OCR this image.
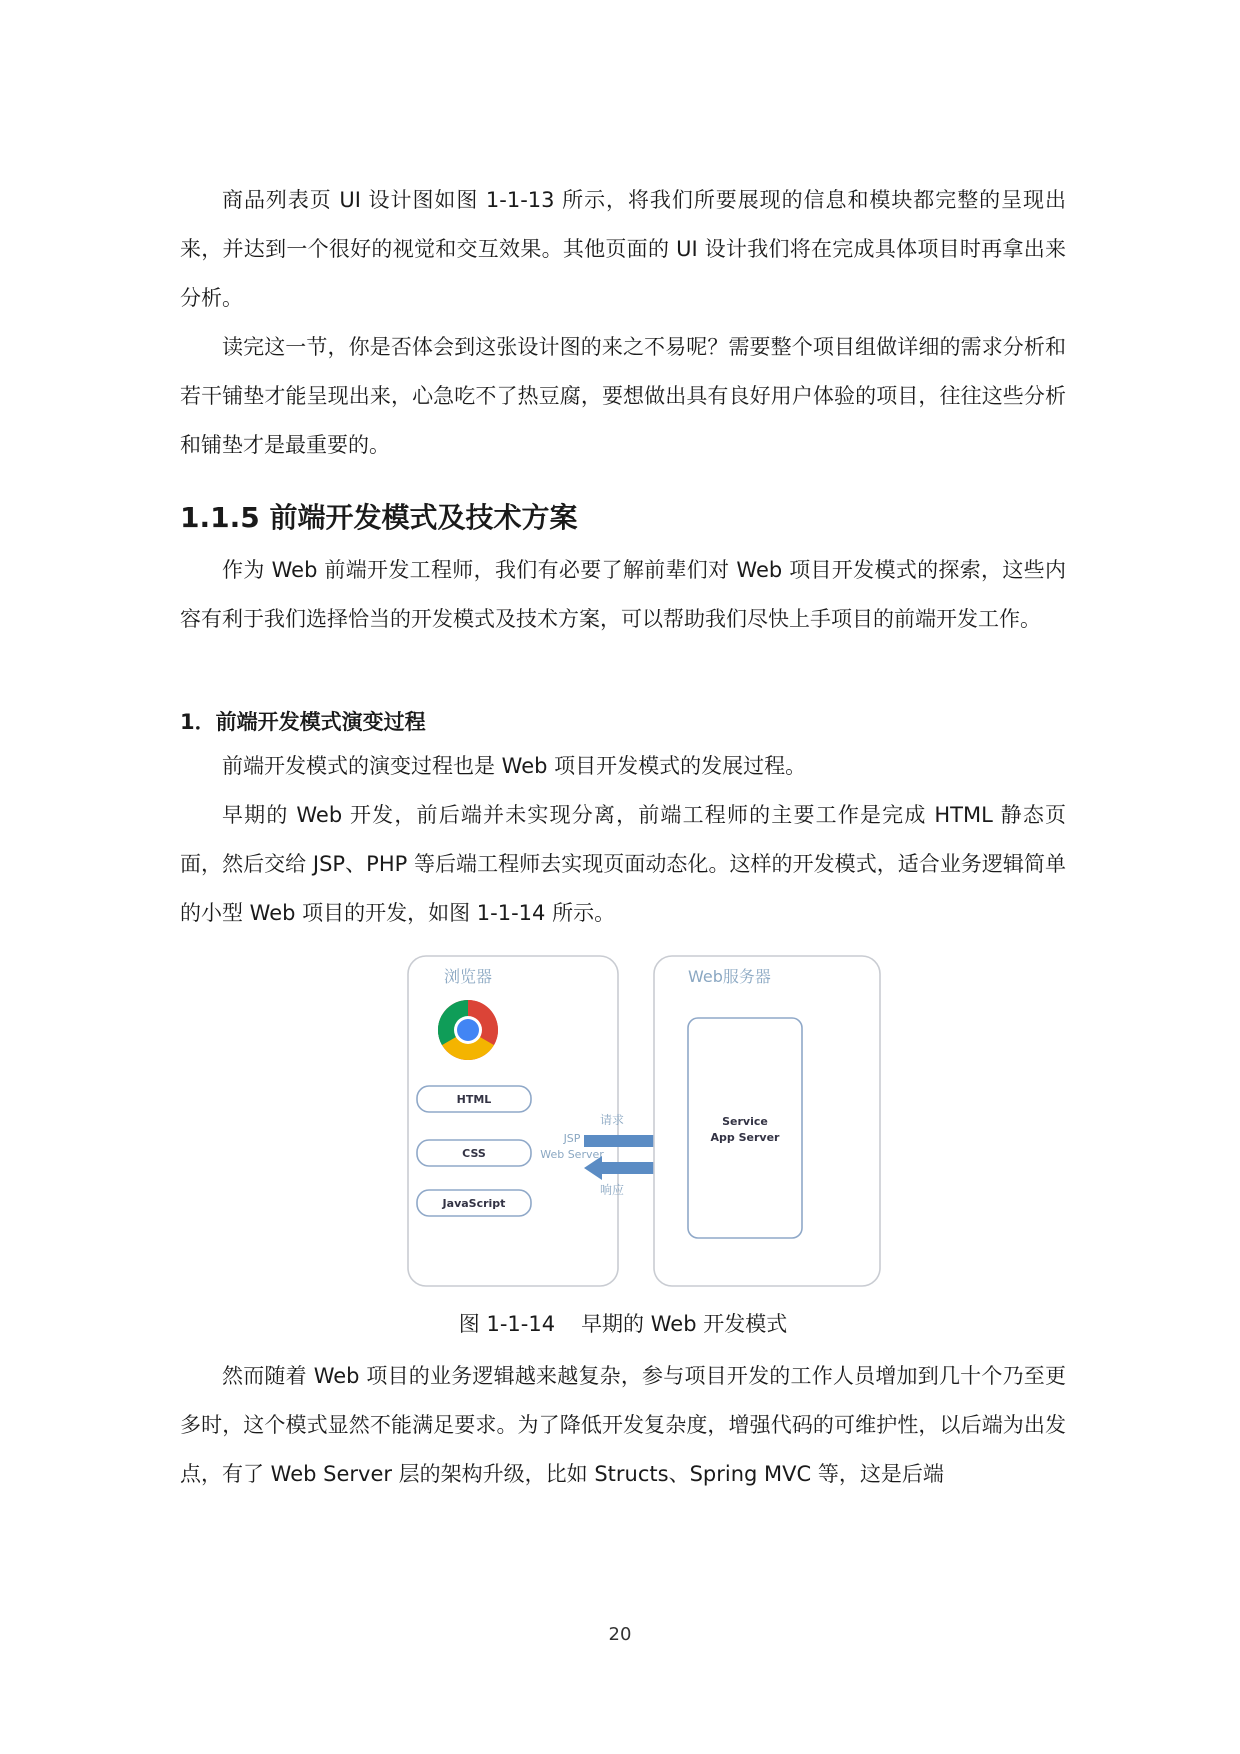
商品列表页 UI 设计图如图 1-1-13 所示，将我们所要展现的信息和模块都完整的呈现出来，并达到一个很好的视觉和交互效果。其他页面的 UI 设计我们将在完成具体项目时再拿出来分析。

读完这一节，你是否体会到这张设计图的来之不易呢？需要整个项目组做详细的需求分析和若干铺垫才能呈现出来，心急吃不了热豆腐，要想做出具有良好用户体验的项目，往往这些分析和铺垫才是最重要的。

1.1.5 前端开发模式及技术方案

作为 Web 前端开发工程师，我们有必要了解前辈们对 Web 项目开发模式的探索，这些内容有利于我们选择恰当的开发模式及技术方案，可以帮助我们尽快上手项目的前端开发工作。

1．前端开发模式演变过程

前端开发模式的演变过程也是 Web 项目开发模式的发展过程。

早期的 Web 开发，前后端并未实现分离，前端工程师的主要工作是完成 HTML 静态页面，然后交给 JSP、PHP 等后端工程师去实现页面动态化。这样的开发模式，适合业务逻辑简单的小型 Web 项目的开发，如图 1-1-14 所示。

浏览器
HTML
CSS
JavaScript
JSP
Web Server
请求
响应
Web服务器
Service
App Server
图 1-1-14 早期的 Web 开发模式

然而随着 Web 项目的业务逻辑越来越复杂，参与项目开发的工作人员增加到几十个乃至更多时，这个模式显然不能满足要求。为了降低开发复杂度，增强代码的可维护性，以后端为出发点，有了 Web Server 层的架构升级，比如 Structs、Spring MVC 等，这是后端

20
